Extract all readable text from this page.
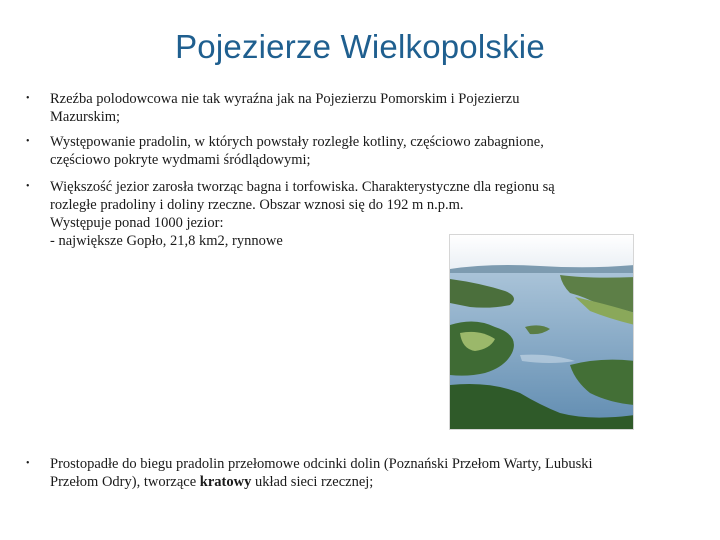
Pojezierze Wielkopolskie
•	Rzeźba polodowcowa nie tak wyraźna jak na Pojezierzu Pomorskim i Pojezierzu
Mazurskim;
•	Występowanie pradolin, w których powstały rozległe kotliny, częściowo zabagnione,
częściowo pokryte wydmami śródlądowymi;
•	Większość jezior zarosła tworząc bagna i torfowiska. Charakterystyczne dla regionu są
rozległe pradoliny i doliny rzeczne. Obszar wznosi się do 192 m n.p.m.
Występuje ponad 1000 jezior:
- największe Gopło, 21,8 km2, rynnowe
•	Prostopadłe do biegu pradolin przełomowe odcinki dolin (Poznański Przełom Warty, Lubuski
Przełom Odry), tworzące kratowy układ sieci rzecznej;
